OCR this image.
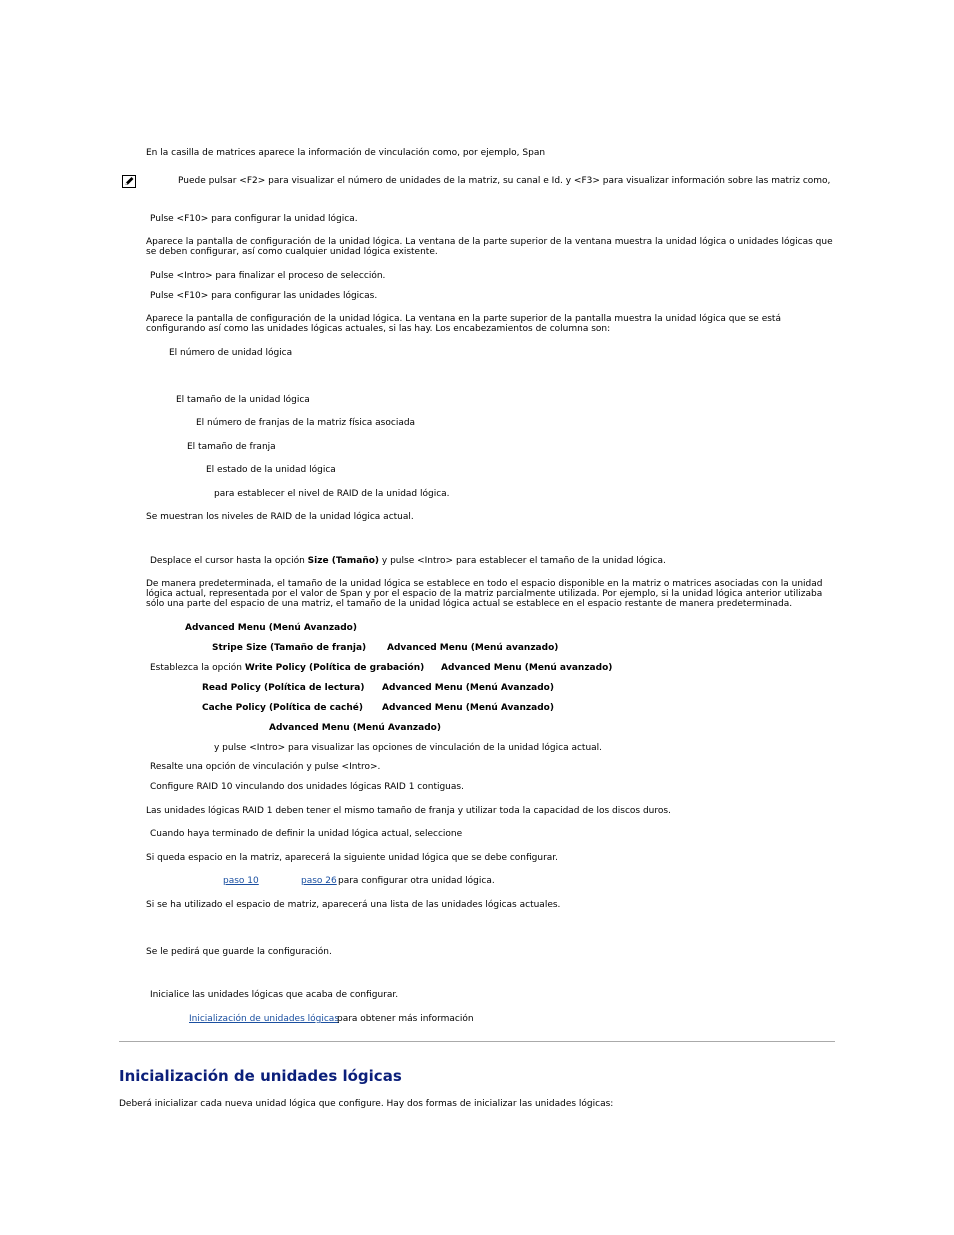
En la casilla de matrices aparece la información de vinculación como, por ejemplo, Span
Puede pulsar <F2> para visualizar el número de unidades de la matriz, su canal e Id. y <F3> para visualizar información sobre las matriz como,
Pulse <F10> para configurar la unidad lógica.
Aparece la pantalla de configuración de la unidad lógica. La ventana de la parte superior de la ventana muestra la unidad lógica o unidades lógicas que se deben configurar, así como cualquier unidad lógica existente.
Pulse <Intro> para finalizar el proceso de selección.
Pulse <F10> para configurar las unidades lógicas.
Aparece la pantalla de configuración de la unidad lógica. La ventana en la parte superior de la pantalla muestra la unidad lógica que se está configurando así como las unidades lógicas actuales, si las hay. Los encabezamientos de columna son:
El número de unidad lógica
El tamaño de la unidad lógica
El número de franjas de la matriz física asociada
El tamaño de franja
El estado de la unidad lógica
para establecer el nivel de RAID de la unidad lógica.
Se muestran los niveles de RAID de la unidad lógica actual.
Desplace el cursor hasta la opción Size (Tamaño) y pulse <Intro> para establecer el tamaño de la unidad lógica.
De manera predeterminada, el tamaño de la unidad lógica se establece en todo el espacio disponible en la matriz o matrices asociadas con la unidad lógica actual, representada por el valor de Span y por el espacio de la matriz parcialmente utilizada. Por ejemplo, si la unidad lógica anterior utilizaba sólo una parte del espacio de una matriz, el tamaño de la unidad lógica actual se establece en el espacio restante de manera predeterminada.
Advanced Menu (Menú Avanzado)
Stripe Size (Tamaño de franja) Advanced Menu (Menú avanzado)
Establezca la opción Write Policy (Política de grabación) Advanced Menu (Menú avanzado)
Read Policy (Política de lectura) Advanced Menu (Menú Avanzado)
Cache Policy (Política de caché) Advanced Menu (Menú Avanzado)
Advanced Menu (Menú Avanzado)
y pulse <Intro> para visualizar las opciones de vinculación de la unidad lógica actual.
Resalte una opción de vinculación y pulse <Intro>.
Configure RAID 10 vinculando dos unidades lógicas RAID 1 contiguas.
Las unidades lógicas RAID 1 deben tener el mismo tamaño de franja y utilizar toda la capacidad de los discos duros.
Cuando haya terminado de definir la unidad lógica actual, seleccione
Si queda espacio en la matriz, aparecerá la siguiente unidad lógica que se debe configurar.
paso 10	paso 26 para configurar otra unidad lógica.
Si se ha utilizado el espacio de matriz, aparecerá una lista de las unidades lógicas actuales.
Se le pedirá que guarde la configuración.
Inicialice las unidades lógicas que acaba de configurar.
Inicialización de unidades lógicas
para obtener más información
Inicialización de unidades lógicas
Deberá inicializar cada nueva unidad lógica que configure. Hay dos formas de inicializar las unidades lógicas:
